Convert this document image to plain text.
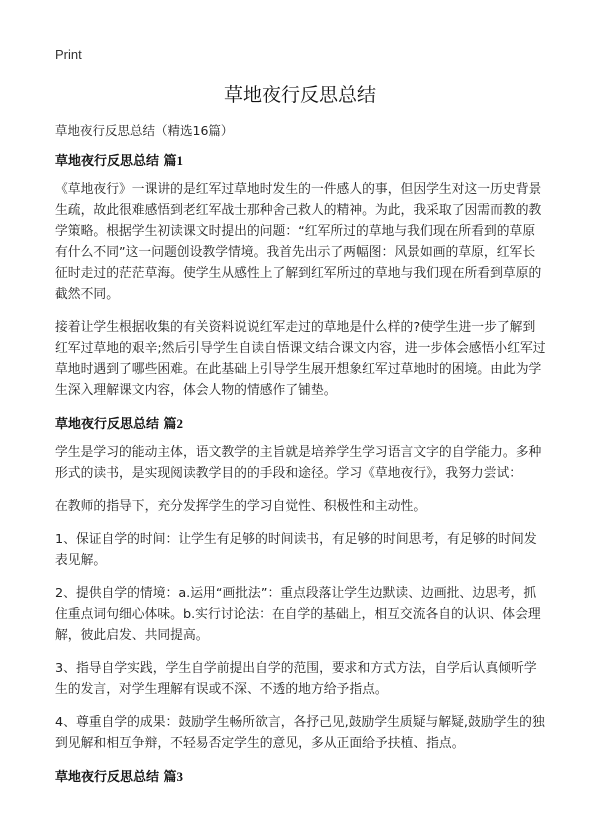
Print
草地夜行反思总结
草地夜行反思总结（精选16篇）
草地夜行反思总结 篇1

《草地夜行》一课讲的是红军过草地时发生的一件感人的事，但因学生对这一历史背景生疏，故此很难感悟到老红军战士那种舍己救人的精神。为此，我采取了因需而教的教学策略。根据学生初读课文时提出的问题：“红军所过的草地与我们现在所看到的草原有什么不同”这一问题创设教学情境。我首先出示了两幅图：风景如画的草原，红军长征时走过的茫茫草海。使学生从感性上了解到红军所过的草地与我们现在所看到草原的截然不同。

接着让学生根据收集的有关资料说说红军走过的草地是什么样的?使学生进一步了解到红军过草地的艰辛;然后引导学生自读自悟课文结合课文内容，进一步体会感悟小红军过草地时遇到了哪些困难。在此基础上引导学生展开想象红军过草地时的困境。由此为学生深入理解课文内容，体会人物的情感作了铺垫。

草地夜行反思总结 篇2

学生是学习的能动主体，语文教学的主旨就是培养学生学习语言文字的自学能力。多种形式的读书，是实现阅读教学目的的手段和途径。学习《草地夜行》，我努力尝试：

在教师的指导下，充分发挥学生的学习自觉性、积极性和主动性。

1、保证自学的时间：让学生有足够的时间读书，有足够的时间思考，有足够的时间发表见解。

2、提供自学的情境：a.运用“画批法”：重点段落让学生边默读、边画批、边思考，抓住重点词句细心体味。b.实行讨论法：在自学的基础上，相互交流各自的认识、体会理解，彼此启发、共同提高。

3、指导自学实践，学生自学前提出自学的范围，要求和方式方法，自学后认真倾听学生的发言，对学生理解有误或不深、不透的地方给予指点。

4、尊重自学的成果：鼓励学生畅所欲言，各抒己见,鼓励学生质疑与解疑,鼓励学生的独到见解和相互争辩，不轻易否定学生的意见，多从正面给予扶植、指点。

草地夜行反思总结 篇3
